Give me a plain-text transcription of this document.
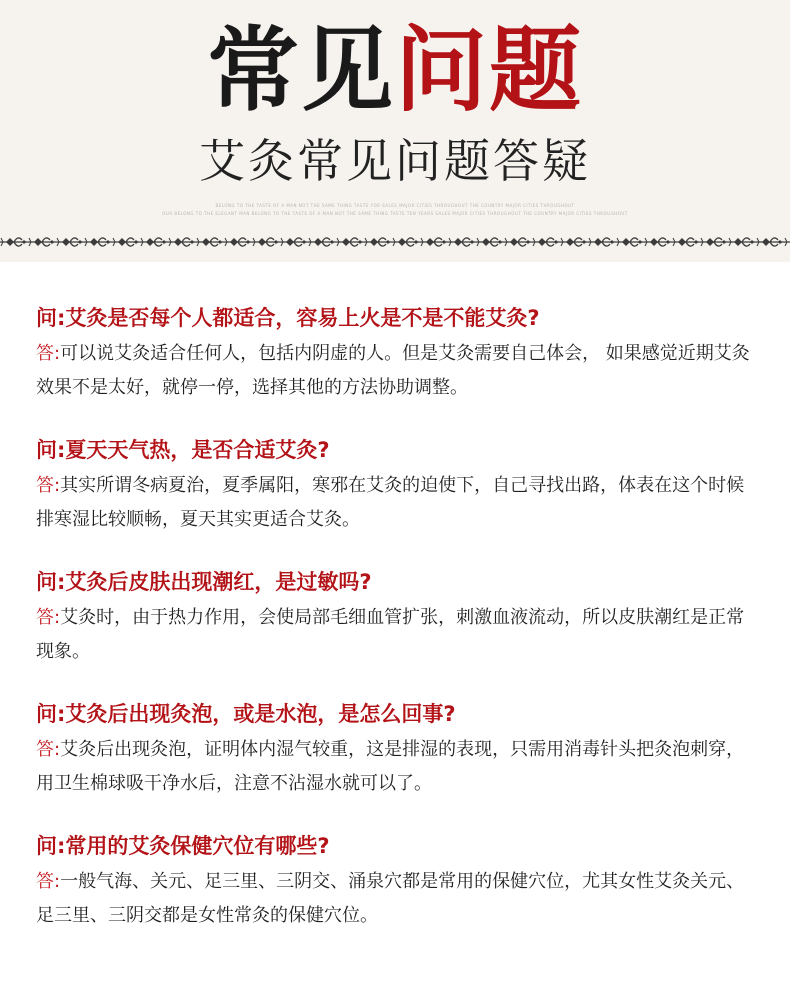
常见问题
艾灸常见问题答疑
BELONG TO THE TASTE OF A MAN NOT THE SAME THING TASTE FOR SALES MAJOR CITIES THROUGHOUT THE COUNTRY MAJOR CITIES THROUGHOUT
OUR BELONG TO THE ELEGANT MAN BELONG TO THE TASTE OF A MAN NOT THE SAME THING TASTE TEN YEARS SALES MAJOR CITIES THROUGHOUT THE COUNTRY MAJOR CITIES THROUGHOUT
问:艾灸是否每个人都适合，容易上火是不是不能艾灸?
答:可以说艾灸适合任何人，包括内阴虚的人。但是艾灸需要自己体会， 如果感觉近期艾灸效果不是太好，就停一停，选择其他的方法协助调整。
问:夏天天气热，是否合适艾灸?
答:其实所谓冬病夏治，夏季属阳，寒邪在艾灸的迫使下，自己寻找出路，体表在这个时候排寒湿比较顺畅，夏天其实更适合艾灸。
问:艾灸后皮肤出现潮红，是过敏吗?
答:艾灸时，由于热力作用，会使局部毛细血管扩张，刺激血液流动，所以皮肤潮红是正常现象。
问:艾灸后出现灸泡，或是水泡，是怎么回事?
答:艾灸后出现灸泡，证明体内湿气较重，这是排湿的表现，只需用消毒针头把灸泡刺穿，用卫生棉球吸干净水后，注意不沾湿水就可以了。
问:常用的艾灸保健穴位有哪些?
答:一般气海、关元、足三里、三阴交、涌泉穴都是常用的保健穴位，尤其女性艾灸关元、足三里、三阴交都是女性常灸的保健穴位。
